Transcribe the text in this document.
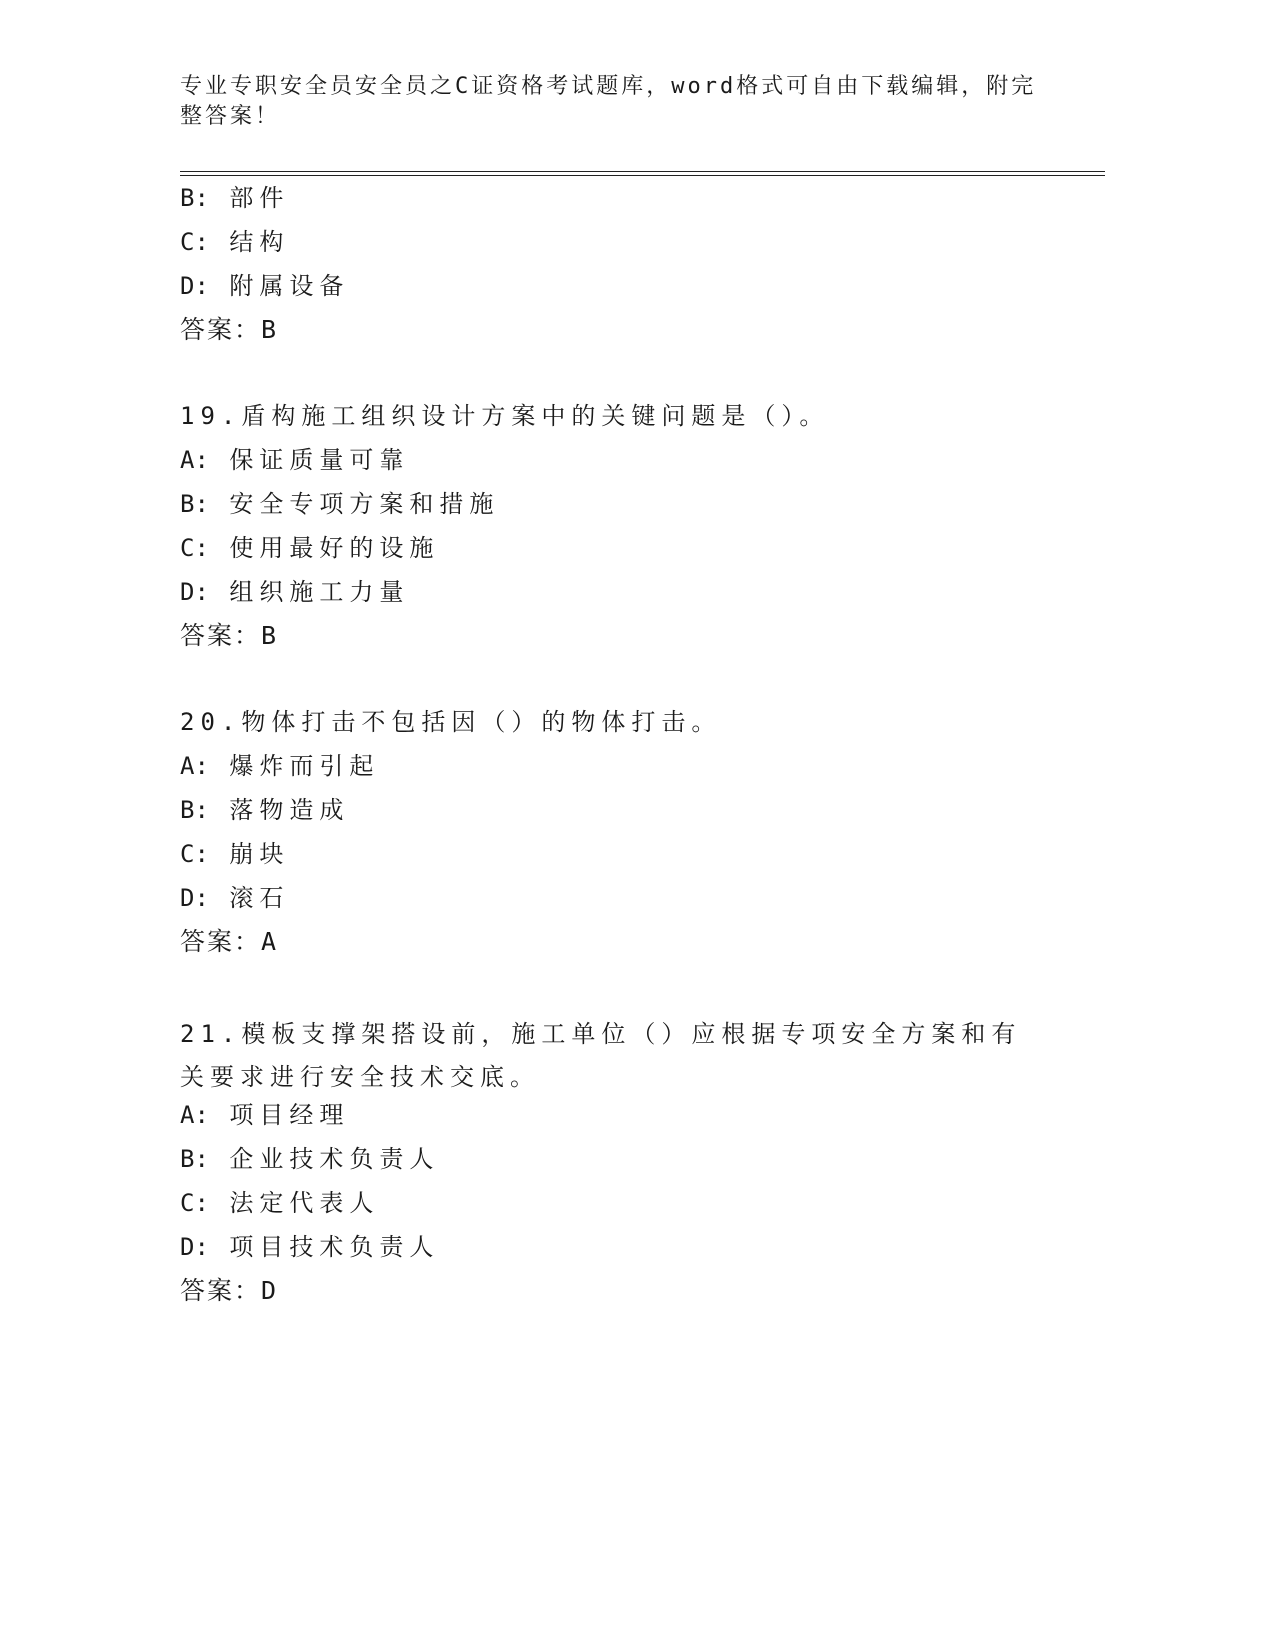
专业专职安全员安全员之C证资格考试题库，word格式可自由下载编辑，附完整答案！
B: 部件
C: 结构
D: 附属设备
答案：B
19.盾构施工组织设计方案中的关键问题是（）。
A: 保证质量可靠
B: 安全专项方案和措施
C: 使用最好的设施
D: 组织施工力量
答案：B
20.物体打击不包括因（）的物体打击。
A: 爆炸而引起
B: 落物造成
C: 崩块
D: 滚石
答案：A
21.模板支撑架搭设前，施工单位（）应根据专项安全方案和有关要求进行安全技术交底。
A: 项目经理
B: 企业技术负责人
C: 法定代表人
D: 项目技术负责人
答案：D
